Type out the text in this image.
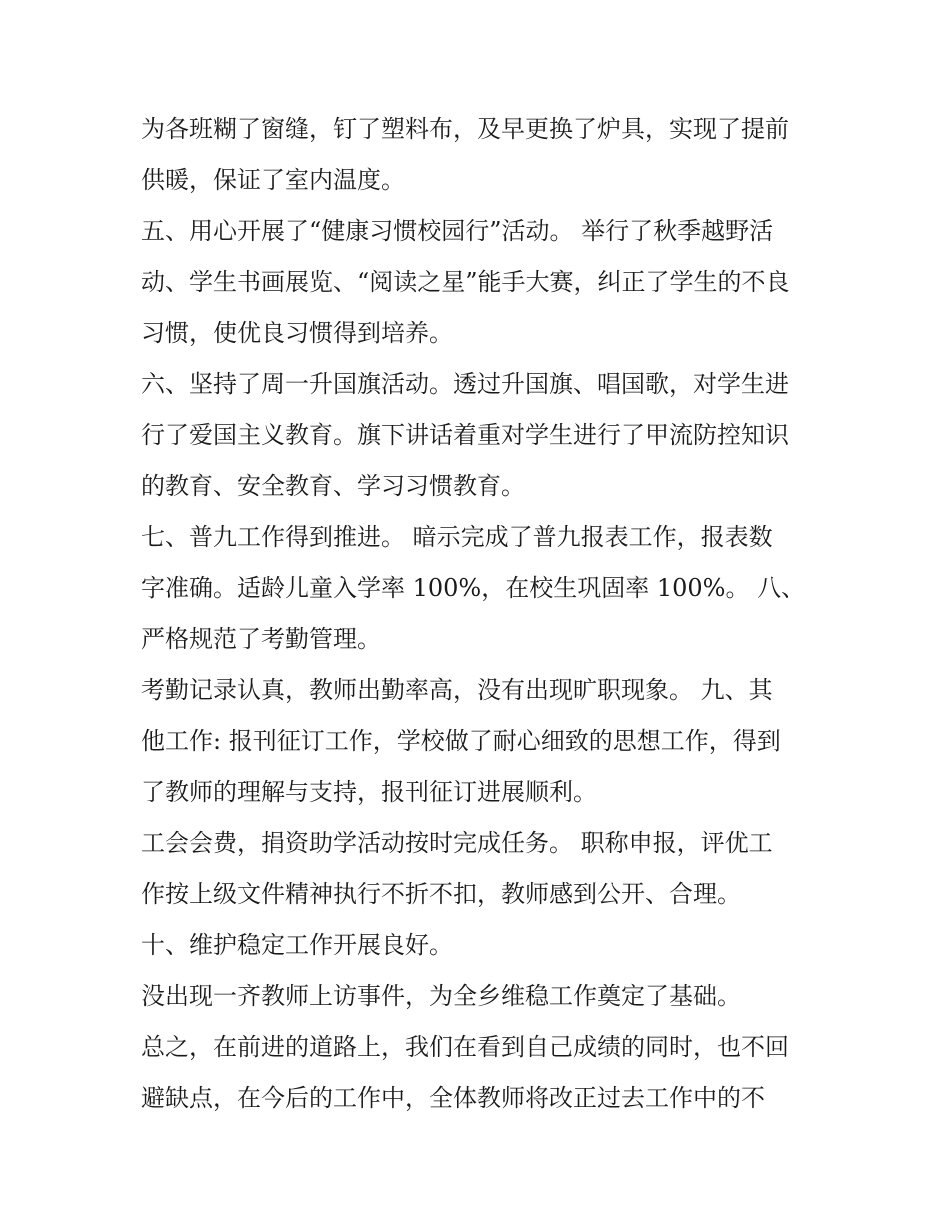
为各班糊了窗缝，钉了塑料布，及早更换了炉具，实现了提前
供暖，保证了室内温度。
五、用心开展了“健康习惯校园行”活动。 举行了秋季越野活
动、学生书画展览、“阅读之星”能手大赛，纠正了学生的不良
习惯，使优良习惯得到培养。
六、坚持了周一升国旗活动。透过升国旗、唱国歌，对学生进
行了爱国主义教育。旗下讲话着重对学生进行了甲流防控知识
的教育、安全教育、学习习惯教育。
七、普九工作得到推进。 暗示完成了普九报表工作，报表数
字准确。适龄儿童入学率 100%，在校生巩固率 100%。 八、
严格规范了考勤管理。
考勤记录认真，教师出勤率高，没有出现旷职现象。 九、其
他工作: 报刊征订工作，学校做了耐心细致的思想工作，得到
了教师的理解与支持，报刊征订进展顺利。
工会会费，捐资助学活动按时完成任务。 职称申报，评优工
作按上级文件精神执行不折不扣，教师感到公开、合理。
十、维护稳定工作开展良好。
没出现一齐教师上访事件，为全乡维稳工作奠定了基础。
总之，在前进的道路上，我们在看到自己成绩的同时，也不回
避缺点，在今后的工作中，全体教师将改正过去工作中的不
